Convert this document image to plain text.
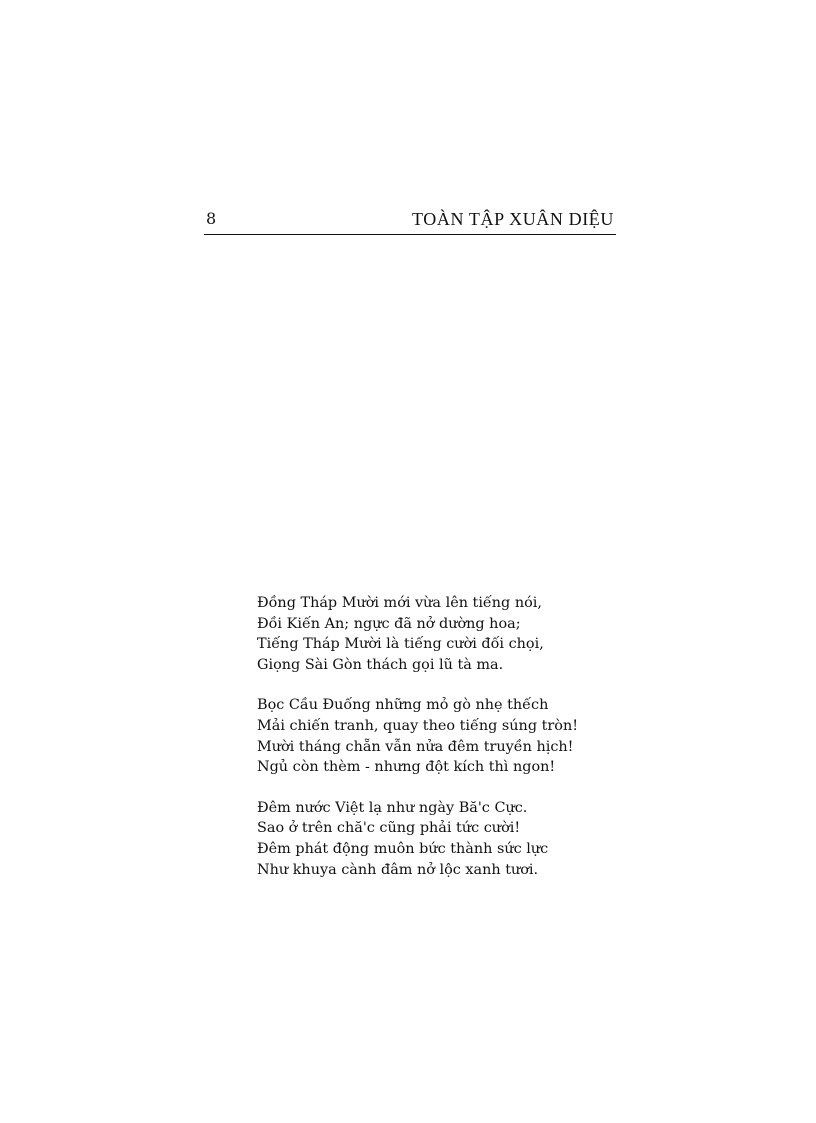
8	TOÀN TẬP XUÂN DIỆU
Đồng Tháp Mười mới vừa lên tiếng nói,
Đồi Kiến An; ngực đã nở dường hoa;
Tiếng Tháp Mười là tiếng cười đối chọi,
Giọng Sài Gòn thách gọi lũ tà ma.
Bọc Cầu Đuống những mỏ gò nhẹ thếch
Mải chiến tranh, quay theo tiếng súng tròn!
Mười tháng chẵn vẫn nửa đêm truyền hịch!
Ngủ còn thèm - nhưng đột kích thì ngon!
Đêm nước Việt lạ như ngày Bă'c Cực.
Sao ở trên chă'c cũng phải tức cười!
Đêm phát động muôn bức thành sức lực
Như khuya cành đâm nở lộc xanh tươi.
